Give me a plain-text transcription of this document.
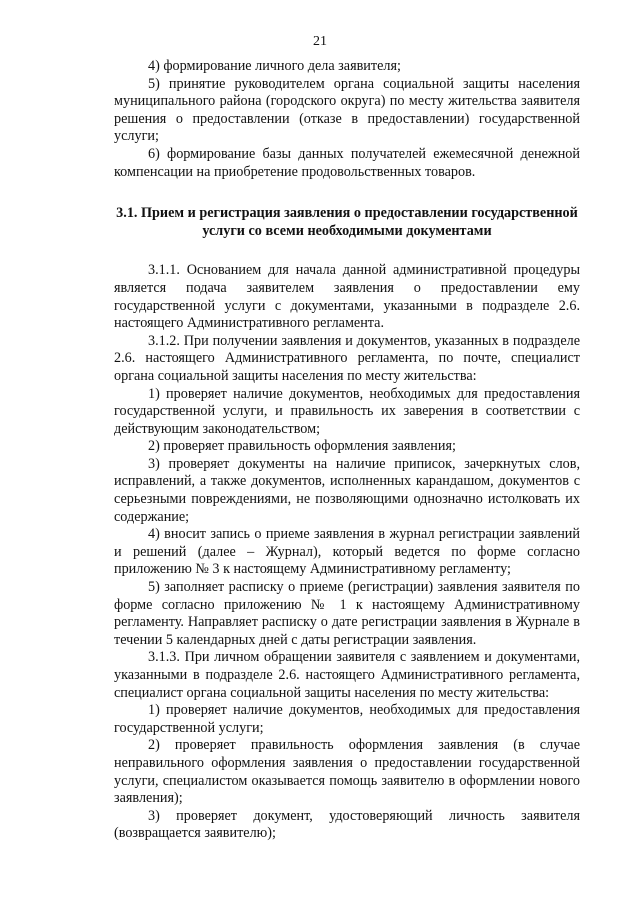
21

4) формирование личного дела заявителя;

5) принятие руководителем органа социальной защиты населения муниципального района (городского округа) по месту жительства заявителя решения о предоставлении (отказе в предоставлении) государственной услуги;

6) формирование базы данных получателей ежемесячной денежной компенсации на приобретение продовольственных товаров.

3.1. Прием и регистрация заявления о предоставлении государственной услуги со всеми необходимыми документами

3.1.1. Основанием для начала данной административной процедуры является подача заявителем заявления о предоставлении ему государственной услуги с документами, указанными в подразделе 2.6. настоящего Административного регламента.

3.1.2. При получении заявления и документов, указанных в подразделе 2.6. настоящего Административного регламента, по почте, специалист органа социальной защиты населения по месту жительства:

1) проверяет наличие документов, необходимых для предоставления государственной услуги, и правильность их заверения в соответствии с действующим законодательством;

2) проверяет правильность оформления заявления;

3) проверяет документы на наличие приписок, зачеркнутых слов, исправлений, а также документов, исполненных карандашом, документов с серьезными повреждениями, не позволяющими однозначно истолковать их содержание;

4) вносит запись о приеме заявления в журнал регистрации заявлений и решений (далее – Журнал), который ведется по форме согласно приложению № 3 к настоящему Административному регламенту;

5) заполняет расписку о приеме (регистрации) заявления заявителя по форме согласно приложению № 1 к настоящему Административному регламенту. Направляет расписку о дате регистрации заявления в Журнале в течении 5 календарных дней с даты регистрации заявления.

3.1.3. При личном обращении заявителя с заявлением и документами, указанными в подразделе 2.6. настоящего Административного регламента, специалист органа социальной защиты населения по месту жительства:

1) проверяет наличие документов, необходимых для предоставления государственной услуги;

2) проверяет правильность оформления заявления (в случае неправильного оформления заявления о предоставлении государственной услуги, специалистом оказывается помощь заявителю в оформлении нового заявления);

3) проверяет документ, удостоверяющий личность заявителя (возвращается заявителю);
